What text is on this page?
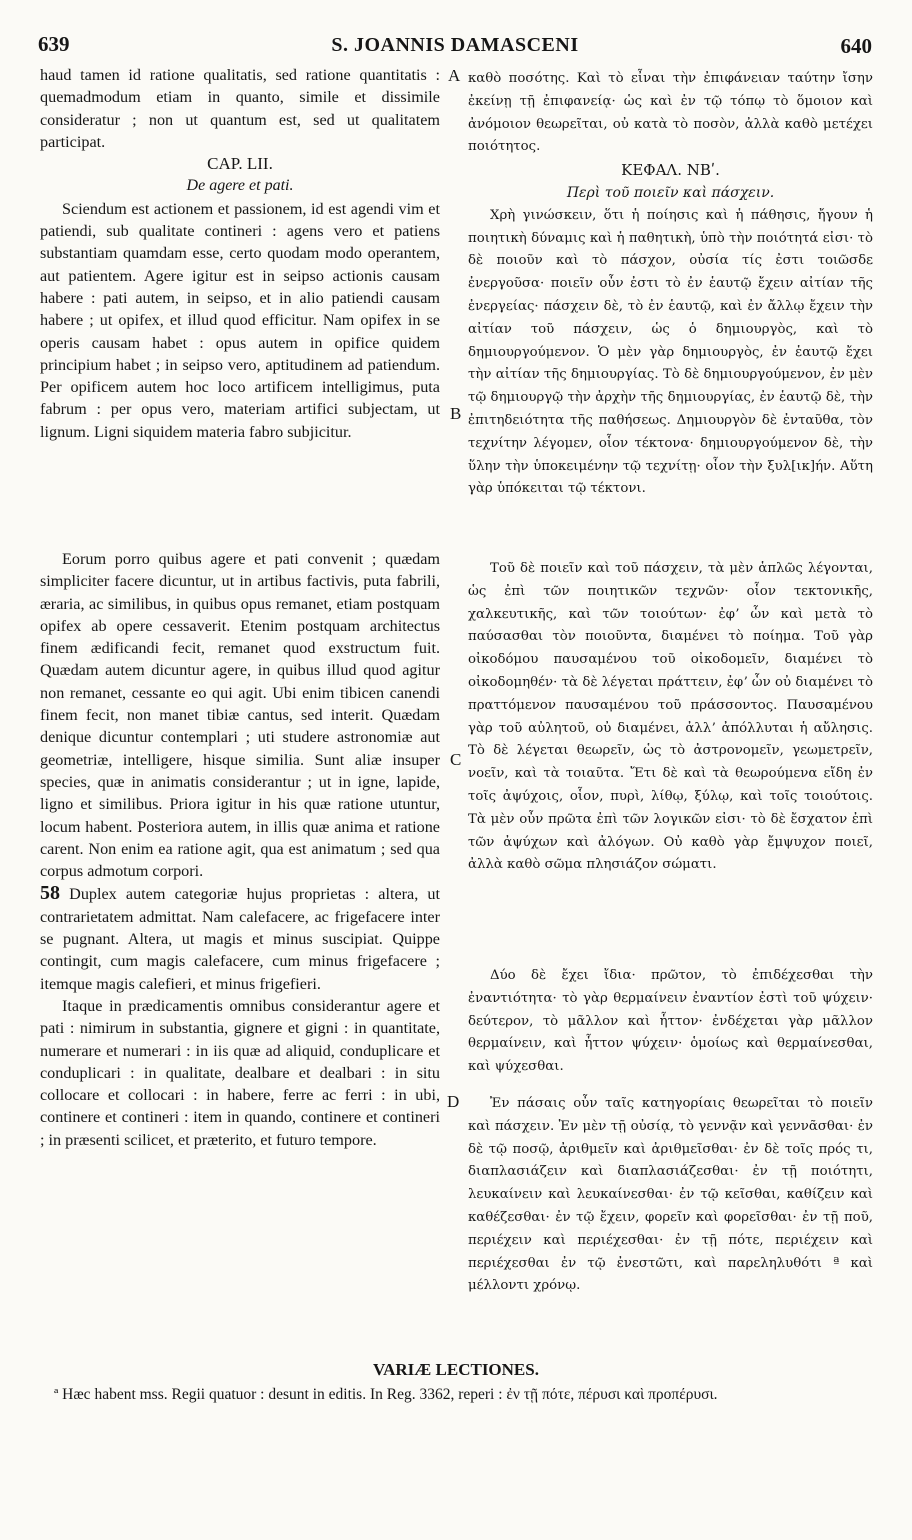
639	S. JOANNIS DAMASCENI	640

haud tamen id ratione qualitatis, sed ratione quantitatis : quemadmodum etiam in quanto, simile et dissimile consideratur ; non ut quantum est, sed ut qualitatem participat.

CAP. LII.

De agere et pati.

Sciendum est actionem et passionem, id est agendi vim et patiendi, sub qualitate contineri : agens vero et patiens substantiam quamdam esse, certo quodam modo operantem, aut patientem. Agere igitur est in seipso actionis causam habere : pati autem, in seipso, et in alio patiendi causam habere ; ut opifex, et illud quod efficitur. Nam opifex in se operis causam habet : opus autem in opifice quidem principium habet ; in seipso vero, aptitudinem ad patiendum. Per opificem autem hoc loco artificem intelligimus, puta fabrum : per opus vero, materiam artifici subjectam, ut lignum. Ligni siquidem materia fabro subjicitur.

Eorum porro quibus agere et pati convenit ; quædam simpliciter facere dicuntur, ut in artibus factivis, puta fabrili, æraria, ac similibus, in quibus opus remanet, etiam postquam opifex ab opere cessaverit. Etenim postquam architectus finem ædificandi fecit, remanet quod exstructum fuit. Quædam autem dicuntur agere, in quibus illud quod agitur non remanet, cessante eo qui agit. Ubi enim tibicen canendi finem fecit, non manet tibiæ cantus, sed interit. Quædam denique dicuntur contemplari ; uti studere astronomiæ aut geometriæ, intelligere, hisque similia. Sunt aliæ insuper species, quæ in animatis considerantur ; ut in igne, lapide, ligno et similibus. Priora igitur in his quæ ratione utuntur, locum habent. Posteriora autem, in illis quæ anima et ratione carent. Non enim ea ratione agit, qua est animatum ; sed qua corpus admotum corpori.

58 Duplex autem categoriæ hujus proprietas : altera, ut contrarietatem admittat. Nam calefacere, ac frigefacere inter se pugnant. Altera, ut magis et minus suscipiat. Quippe contingit, cum magis calefacere, cum minus frigefacere ; itemque magis calefieri, et minus frigefieri.

Itaque in prædicamentis omnibus considerantur agere et pati : nimirum in substantia, gignere et gigni : in quantitate, numerare et numerari : in iis quæ ad aliquid, conduplicare et conduplicari : in qualitate, dealbare et dealbari : in situ collocare et collocari : in habere, ferre ac ferri : in ubi, continere et contineri : item in quando, continere et contineri ; in præsenti scilicet, et præterito, et futuro tempore.

A
B
C
D

καθὸ ποσότης. Καὶ τὸ εἶναι τὴν ἐπιφάνειαν ταύτην ἴσην ἐκείνῃ τῇ ἐπιφανείᾳ· ὡς καὶ ἐν τῷ τόπῳ τὸ ὅμοιον καὶ ἀνόμοιον θεωρεῖται, οὐ κατὰ τὸ ποσὸν, ἀλλὰ καθὸ μετέχει ποιότητος.

ΚΕΦΑΛ. ΝΒʹ.

Περὶ τοῦ ποιεῖν καὶ πάσχειν.

Χρὴ γινώσκειν, ὅτι ἡ ποίησις καὶ ἡ πάθησις, ἤγουν ἡ ποιητικὴ δύναμις καὶ ἡ παθητικὴ, ὑπὸ τὴν ποιότητά εἰσι· τὸ δὲ ποιοῦν καὶ τὸ πάσχον, οὐσία τίς ἐστι τοιῶσδε ἐνεργοῦσα· ποιεῖν οὖν ἐστι τὸ ἐν ἑαυτῷ ἔχειν αἰτίαν τῆς ἐνεργείας· πάσχειν δὲ, τὸ ἐν ἑαυτῷ, καὶ ἐν ἄλλῳ ἔχειν τὴν αἰτίαν τοῦ πάσχειν, ὡς ὁ δημιουργὸς, καὶ τὸ δημιουργούμενον. Ὁ μὲν γὰρ δημιουργὸς, ἐν ἑαυτῷ ἔχει τὴν αἰτίαν τῆς δημιουργίας. Τὸ δὲ δημιουργούμενον, ἐν μὲν τῷ δημιουργῷ τὴν ἀρχὴν τῆς δημιουργίας, ἐν ἑαυτῷ δὲ, τὴν ἐπιτηδειότητα τῆς παθήσεως. Δημιουργὸν δὲ ἐνταῦθα, τὸν τεχνίτην λέγομεν, οἷον τέκτονα· δημιουργούμενον δὲ, τὴν ὕλην τὴν ὑποκειμένην τῷ τεχνίτῃ· οἷον τὴν ξυλ[ικ]ήν. Αὕτη γὰρ ὑπόκειται τῷ τέκτονι.

Τοῦ δὲ ποιεῖν καὶ τοῦ πάσχειν, τὰ μὲν ἁπλῶς λέγονται, ὡς ἐπὶ τῶν ποιητικῶν τεχνῶν· οἷον τεκτονικῆς, χαλκευτικῆς, καὶ τῶν τοιούτων· ἐφʼ ὧν καὶ μετὰ τὸ παύσασθαι τὸν ποιοῦντα, διαμένει τὸ ποίημα. Τοῦ γὰρ οἰκοδόμου παυσαμένου τοῦ οἰκοδομεῖν, διαμένει τὸ οἰκοδομηθέν· τὰ δὲ λέγεται πράττειν, ἐφʼ ὧν οὐ διαμένει τὸ πραττόμενον παυσαμένου τοῦ πράσσοντος. Παυσαμένου γὰρ τοῦ αὐλητοῦ, οὐ διαμένει, ἀλλʼ ἀπόλλυται ἡ αὔλησις. Τὸ δὲ λέγεται θεωρεῖν, ὡς τὸ ἀστρονομεῖν, γεωμετρεῖν, νοεῖν, καὶ τὰ τοιαῦτα. Ἔτι δὲ καὶ τὰ θεωρούμενα εἴδη ἐν τοῖς ἀψύχοις, οἷον, πυρὶ, λίθῳ, ξύλῳ, καὶ τοῖς τοιούτοις. Τὰ μὲν οὖν πρῶτα ἐπὶ τῶν λογικῶν εἰσι· τὸ δὲ ἔσχατον ἐπὶ τῶν ἀψύχων καὶ ἀλόγων. Οὐ καθὸ γὰρ ἔμψυχον ποιεῖ, ἀλλὰ καθὸ σῶμα πλησιάζον σώματι.

Δύο δὲ ἔχει ἴδια· πρῶτον, τὸ ἐπιδέχεσθαι τὴν ἐναντιότητα· τὸ γὰρ θερμαίνειν ἐναντίον ἐστὶ τοῦ ψύχειν· δεύτερον, τὸ μᾶλλον καὶ ἧττον· ἐνδέχεται γὰρ μᾶλλον θερμαίνειν, καὶ ἧττον ψύχειν· ὁμοίως καὶ θερμαίνεσθαι, καὶ ψύχεσθαι.

Ἐν πάσαις οὖν ταῖς κατηγορίαις θεωρεῖται τὸ ποιεῖν καὶ πάσχειν. Ἐν μὲν τῇ οὐσίᾳ, τὸ γεννᾷν καὶ γεννᾶσθαι· ἐν δὲ τῷ ποσῷ, ἀριθμεῖν καὶ ἀριθμεῖσθαι· ἐν δὲ τοῖς πρός τι, διαπλασιάζειν καὶ διαπλασιάζεσθαι· ἐν τῇ ποιότητι, λευκαίνειν καὶ λευκαίνεσθαι· ἐν τῷ κεῖσθαι, καθίζειν καὶ καθέζεσθαι· ἐν τῷ ἔχειν, φορεῖν καὶ φορεῖσθαι· ἐν τῇ ποῦ, περιέχειν καὶ περιέχεσθαι· ἐν τῇ πότε, περιέχειν καὶ περιέχεσθαι ἐν τῷ ἐνεστῶτι, καὶ παρεληλυθότι ª καὶ μέλλοντι χρόνῳ.

VARIÆ LECTIONES.
ª Hæc habent mss. Regii quatuor : desunt in editis. In Reg. 3362, reperi : ἐν τῇ πότε, πέρυσι καὶ προπέρυσι.
